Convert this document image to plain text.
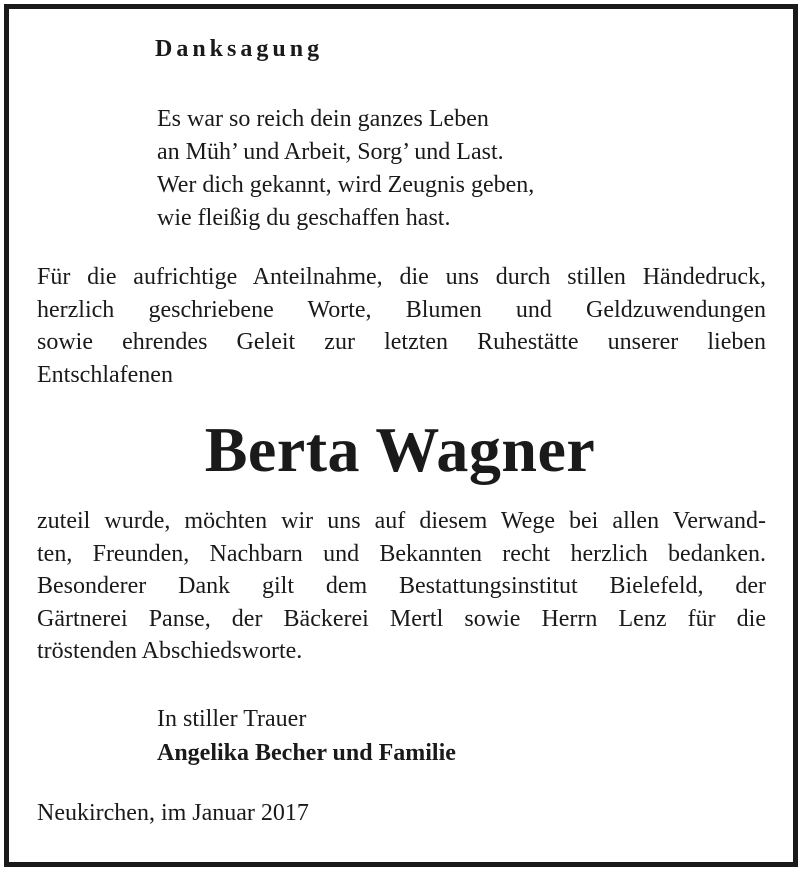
Danksagung
Es war so reich dein ganzes Leben
an Müh’ und Arbeit, Sorg’ und Last.
Wer dich gekannt, wird Zeugnis geben,
wie fleißig du geschaffen hast.
Für die aufrichtige Anteilnahme, die uns durch stillen Händedruck,
herzlich geschriebene Worte, Blumen und Geldzuwendungen
sowie ehrendes Geleit zur letzten Ruhestätte unserer lieben
Entschlafenen
Berta Wagner
zuteil wurde, möchten wir uns auf diesem Wege bei allen Verwand-
ten, Freunden, Nachbarn und Bekannten recht herzlich bedanken.
Besonderer Dank gilt dem Bestattungsinstitut Bielefeld, der
Gärtnerei Panse, der Bäckerei Mertl sowie Herrn Lenz für die
tröstenden Abschiedsworte.
In stiller Trauer
Angelika Becher und Familie

Neukirchen, im Januar 2017
